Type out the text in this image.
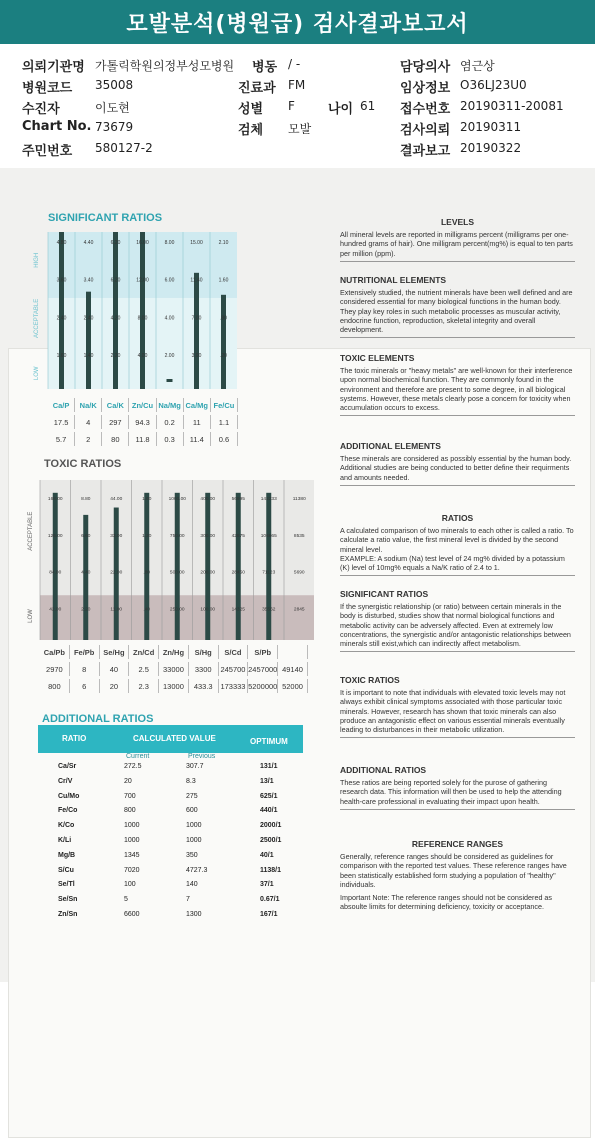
모발분석(병원급) 검사결과보고서
의뢰기관명 가톨릭학원의정부성모병원 병동 / -	담당의사 염근상
병원코드 35008	진료과 FM	임상정보 O36LJ23U0
수진자	이도현	성별 F	나이 61 접수번호 20190311-20081
Chart No. 73679	검체 모발	검사의뢰 20190311
주민번호 580127-2	결과보고 20190322
SIGNIFICANT RATIOS
HIGH
ACCEPTABLE
LOW
4.80
3.60
2.40
1.60
4.40
3.40
2.40
1.40
6.20
6.20
4.20
2.20
16.00
12.00
8.00
4.00
8.00
6.00
4.00
2.00
15.00
11.40
7.00
3.00
2.10
1.60
.80
.20
Ca/P	Na/K	Ca/K	Zn/Cu Na/Mg Ca/Mg Fe/Cu
17.5	4	297	94.3	0.2	11	1.1
5.7	2	80	11.8	0.3	11.4	0.6
TOXIC RATIOS
ACCEPTABLE
LOW
168.00
126.00
84.00
42.00
8.80
6.60
4.40
2.20
44.00
33.00
22.00
11.00
1.60
1.20
.80
.40
1000.00
750.00
500.00
250.00
400.00
300.00
200.00
100.00
56995
42875
28450
14325
142233
106665
71123
35562
11380
8535
5690
2845
Ca/Pb	Fe/Pb	Se/Hg	Zn/Cd	Zn/Hg	S/Hg	S/Cd	S/Pb
2970	8	40	2.5	33000	3300	245700 2457000 49140
800	6	20	2.3	13000	433.3	173333 5200000 52000
ADDITIONAL RATIOS
RATIO	CALCULATED VALUE	OPTIMUM
Current	Previous
Ca/Sr	272.5	307.7	131/1
Cr/V	20	8.3	13/1
Cu/Mo	700	275	625/1
Fe/Co	800	600	440/1
K/Co	1000	1000	2000/1
K/Li	1000	1000	2500/1
Mg/B	1345	350	40/1
S/Cu	7020	4727.3	1138/1
Se/Tl	100	140	37/1
Se/Sn	5	7	0.67/1
Zn/Sn	6600	1300	167/1
LEVELS

All mineral levels are reported in milligrams percent (milligrams per one-hundred grams of hair). One milligram percent(mg%) is equal to ten parts per million (ppm).

NUTRITIONAL ELEMENTS

Extensively studied, the nutrient minerals have been well defined and are considered essential for many biological functions in the human body. They play key roles in such metabolic processes as muscular activity, endocrine function, reproduction, skeletal integrity and overall development.

TOXIC ELEMENTS

The toxic minerals or "heavy metals" are well-known for their interference upon normal biochemical function. They are commonly found in the environment and therefore are present to some degree, in all biological systems. However, these metals clearly pose a concern for toxicity when accumulation occurs to excess.

ADDITIONAL ELEMENTS

These minerals are considered as possibly essential by the human body. Additional studies are being conducted to better define their requirments and amounts needed.

RATIOS

A calculated comparison of two minerals to each other is called a ratio. To calculate a ratio value, the first mineral level is divided by the second mineral level.

EXAMPLE: A sodium (Na) test level of 24 mg% divided by a potassium (K) level of 10mg% equals a Na/K ratio of 2.4 to 1.

SIGNIFICANT RATIOS

If the synergistic relationship (or ratio) between certain minerals in the body is disturbed, studies show that normal biological functions and metabolic activity can be adversely affected. Even at extremely low concentrations, the synergistic and/or antagonistic relationships between minerals still exist,which can indirectly affect metabolism.

TOXIC RATIOS

It is important to note that individuals with elevated toxic levels may not always exhibit clinical symptoms associated with those particular toxic minerals. However, research has shown that toxic minerals can also produce an antagonistic effect on various essential minerals eventually leading to disturbances in their metabolic utilization.

ADDITIONAL RATIOS

These ratios are being reported solely for the purose of gathering research data. This information will then be used to help the attending health-care professional in evaluating their impact upon health.

REFERENCE RANGES

Generally, reference ranges should be considered as guidelines for comparison with the reported test values. These reference ranges have been statistically established form studying a population of "healthy" individuals.

Important Note: The reference ranges should not be considered as absoulte limits for determining deficiency, toxicity or acceptance.
